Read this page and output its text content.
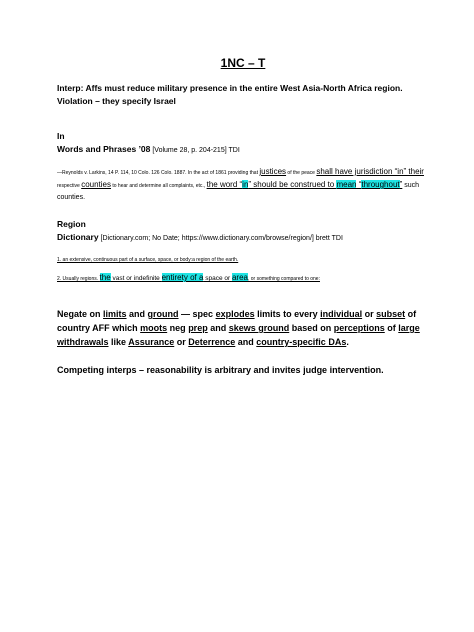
1NC – T
Interp: Affs must reduce military presence in the entire West Asia-North Africa region.
Violation – they specify Israel
In
Words and Phrases ’08 [Volume 28, p. 204-215] TDI
—Reynolds v. Larkins, 14 P. 114, 10 Colo. 126 Colo. 1887. In the act of 1861 providing that justices of the peace shall have jurisdiction “in” their respective counties to hear and determine all complaints, etc., the word “in” should be construed to mean “throughout” such counties.
Region
Dictionary [Dictionary.com; No Date; https://www.dictionary.com/browse/region/] brett TDI
1. an extensive, continuous part of a surface, space, or body:a region of the earth.
2. Usually regions. the vast or indefinite entirety of a space or area, or something compared to one:
Negate on limits and ground — spec explodes limits to every individual or subset of country AFF which moots neg prep and skews ground based on perceptions of large withdrawals like Assurance or Deterrence and country-specific DAs.
Competing interps – reasonability is arbitrary and invites judge intervention.
